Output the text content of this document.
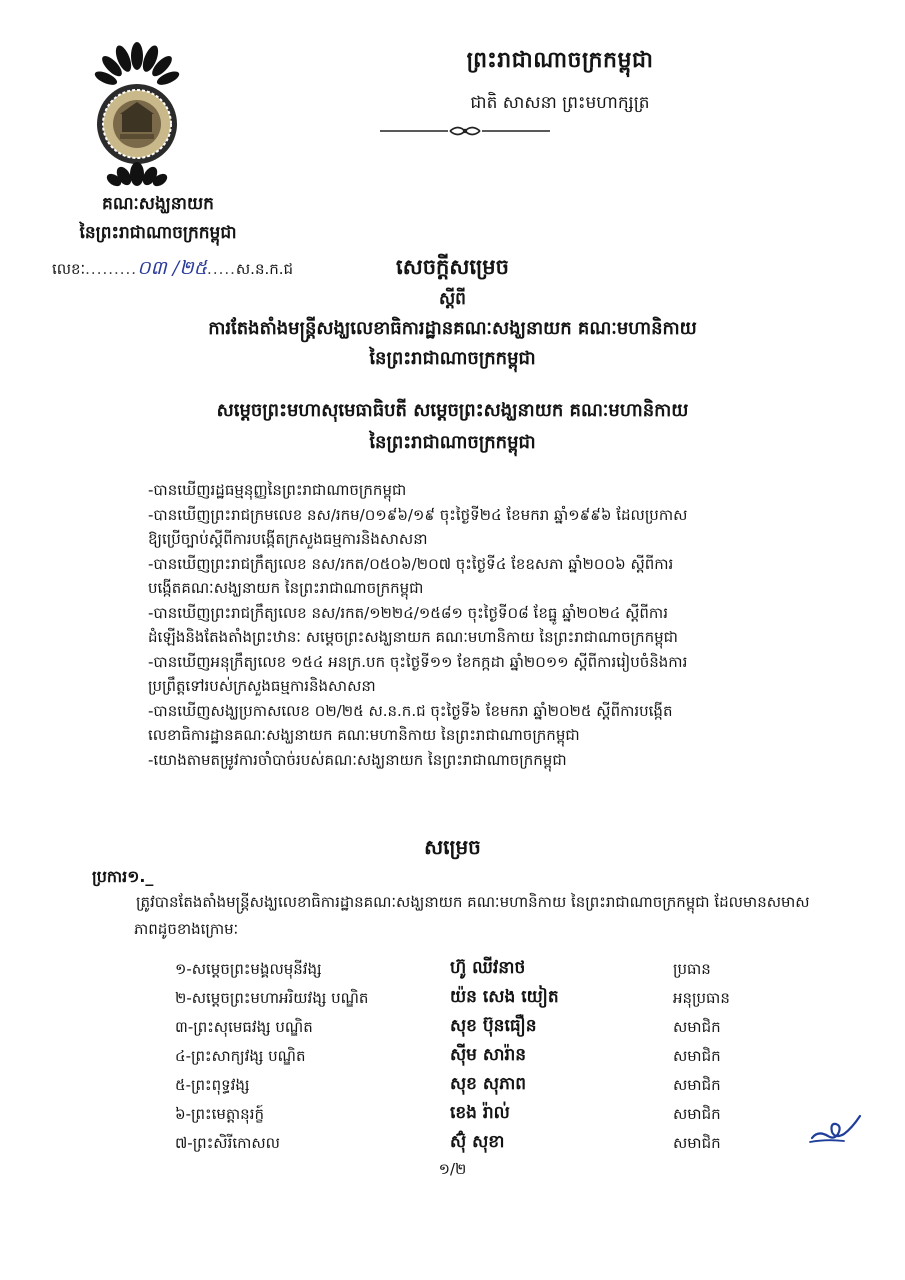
ព្រះរាជាណាចក្រកម្ពុជា
ជាតិ សាសនា ព្រះមហាក្សត្រ
គណៈសង្ឃនាយក
នៃព្រះរាជាណាចក្រកម្ពុជា
លេខៈ.........០៣ /២៥.....ស.ន.ក.ជ	សេចក្ដីសម្រេច
ស្ដីពី
ការតែងតាំងមន្ត្រីសង្ឃលេខាធិការដ្ឋានគណៈសង្ឃនាយក គណៈមហានិកាយ
នៃព្រះរាជាណាចក្រកម្ពុជា
សម្ដេចព្រះមហាសុមេធាធិបតី សម្ដេចព្រះសង្ឃនាយក គណៈមហានិកាយ
នៃព្រះរាជាណាចក្រកម្ពុជា
-បានឃើញរដ្ឋធម្មនុញ្ញនៃព្រះរាជាណាចក្រកម្ពុជា
-បានឃើញព្រះរាជក្រមលេខ នស/រកម/០១៩៦/១៩ ចុះថ្ងៃទី២៤ ខែមករា ឆ្នាំ១៩៩៦ ដែលប្រកាស
ឱ្យប្រើច្បាប់ស្ដីពីការបង្កើតក្រសួងធម្មការនិងសាសនា
-បានឃើញព្រះរាជក្រឹត្យលេខ នស/រកត/០៥០៦/២០៧ ចុះថ្ងៃទី៤ ខែឧសភា ឆ្នាំ២០០៦ ស្ដីពីការ
បង្កើតគណៈសង្ឃនាយក នៃព្រះរាជាណាចក្រកម្ពុជា
-បានឃើញព្រះរាជក្រឹត្យលេខ នស/រកត/១២២៤/១៥៨១ ចុះថ្ងៃទី០៨ ខែធ្នូ ឆ្នាំ២០២៤ ស្ដីពីការ
ដំឡើងនិងតែងតាំងព្រះឋានៈ សម្ដេចព្រះសង្ឃនាយក គណៈមហានិកាយ នៃព្រះរាជាណាចក្រកម្ពុជា
-បានឃើញអនុក្រឹត្យលេខ ១៥៤ អនក្រ.បក ចុះថ្ងៃទី១១ ខែកក្កដា ឆ្នាំ២០១១ ស្ដីពីការរៀបចំនិងការ
ប្រព្រឹត្តទៅរបស់ក្រសួងធម្មការនិងសាសនា
-បានឃើញសង្ឃប្រកាសលេខ ០២/២៥ ស.ន.ក.ជ ចុះថ្ងៃទី៦ ខែមករា ឆ្នាំ២០២៥ ស្ដីពីការបង្កើត
លេខាធិការដ្ឋានគណៈសង្ឃនាយក គណៈមហានិកាយ នៃព្រះរាជាណាចក្រកម្ពុជា
-យោងតាមតម្រូវការចាំបាច់របស់គណៈសង្ឃនាយក នៃព្រះរាជាណាចក្រកម្ពុជា
សម្រេច
ប្រការ១._
ត្រូវបានតែងតាំងមន្ត្រីសង្ឃលេខាធិការដ្ឋានគណៈសង្ឃនាយក គណៈមហានិកាយ នៃព្រះរាជាណាចក្រកម្ពុជា ដែលមានសមាសភាពដូចខាងក្រោមៈ
១-សម្ដេចព្រះមង្គលមុនីវង្ស	ហ៊ូ ឈីវនាថ	ប្រធាន
២-សម្ដេចព្រះមហាអរិយវង្ស បណ្ឌិត	យ៉ន សេង យៀត	អនុប្រធាន
៣-ព្រះសុមេធវង្ស បណ្ឌិត	សុខ ប៊ុនធឿន	សមាជិក
៤-ព្រះសាក្យវង្ស បណ្ឌិត	ស៊ីម សារ៉ាន	សមាជិក
៥-ព្រះពុទ្ធវង្ស	សុខ សុភាព	សមាជិក
៦-ព្រះមេត្តានុរក្ខ៍	ខេង រ៉ាល់	សមាជិក
៧-ព្រះសិរីកោសល	ស៊ុំ សុខា	សមាជិក
១/២
